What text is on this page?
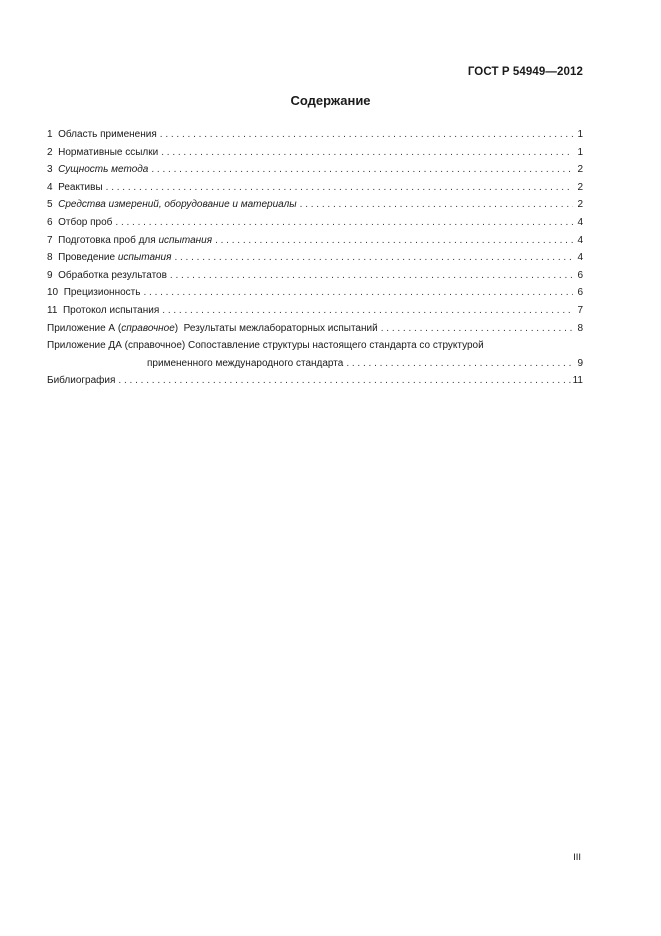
ГОСТ Р 54949—2012
Содержание
1 Область применения . . .	1
2 Нормативные ссылки . . .	1
3 Сущность метода . . .	2
4 Реактивы . . .	2
5 Средства измерений, оборудование и материалы . . .	2
6 Отбор проб . . .	4
7 Подготовка проб для испытания . . .	4
8 Проведение испытания . . .	4
9 Обработка результатов . . .	6
10 Прецизионность . . .	6
11 Протокол испытания . . .	7
Приложение А (справочное)  Результаты межлабораторных испытаний . . .	8
Приложение ДА (справочное) Сопоставление структуры настоящего стандарта со структурой
примененного международного стандарта . . .	9
Библиография . . .	11
III
